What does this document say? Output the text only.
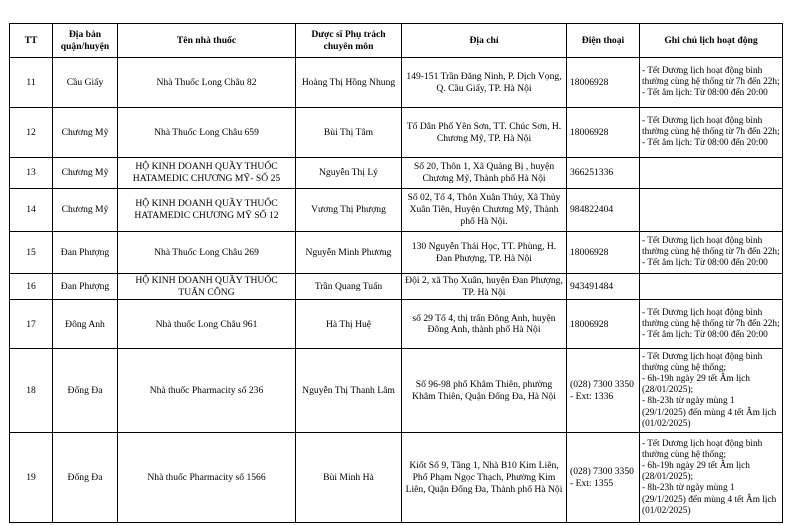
TT	Địa bàn quận/huyện	Tên nhà thuốc	Dược sĩ Phụ trách chuyên môn	Địa chỉ	Điện thoại	Ghi chú lịch hoạt động
11	Cầu Giấy	Nhà Thuốc Long Châu 82	Hoàng Thị Hồng Nhung	149-151 Trần Đăng Ninh, P. Dịch Vọng, Q. Cầu Giấy, TP. Hà Nội	18006928	- Tết Dương lịch hoạt động bình thường cùng hệ thống từ 7h đến 22h;
- Tết âm lịch: Từ 08:00 đến 20:00

12	Chương Mỹ	Nhà Thuốc Long Châu 659	Bùi Thị Tâm	Tổ Dân Phố Yên Sơn, TT. Chúc Sơn, H. Chương Mỹ, TP. Hà Nội	18006928	- Tết Dương lịch hoạt động bình thường cùng hệ thống từ 7h đến 22h;
- Tết âm lịch: Từ 08:00 đến 20:00

13	Chương Mỹ	HỘ KINH DOANH QUẦY THUỐC HATAMEDIC CHƯƠNG MỸ- SỐ 25	Nguyễn Thị Lý	Số 20, Thôn 1, Xã Quảng Bị , huyện Chương Mỹ, Thành phố Hà Nội	366251336	
14	Chương Mỹ	HỘ KINH DOANH QUẦY THUỐC HATAMEDIC CHƯƠNG MỸ SỐ 12	Vương Thị Phượng	Số 02, Tổ 4, Thôn Xuân Thủy, Xã Thủy Xuân Tiên, Huyện Chương Mỹ, Thành phố Hà Nội.	984822404	
15	Đan Phượng	Nhà Thuốc Long Châu 269	Nguyễn Minh Phương	130 Nguyễn Thái Học, TT. Phùng, H. Đan Phượng, TP. Hà Nội	18006928	- Tết Dương lịch hoạt động bình thường cùng hệ thống từ 7h đến 22h;
- Tết âm lịch: Từ 08:00 đến 20:00

16	Đan Phượng	HỘ KINH DOANH QUẦY THUỐC TUẤN CÔNG	Trần Quang Tuấn	Đội 2, xã Thọ Xuân, huyện Đan Phượng, TP. Hà Nội	943491484	
17	Đông Anh	Nhà thuốc Long Châu 961	Hà Thị Huệ	số 29 Tổ 4, thị trấn Đông Anh, huyện Đông Anh, thành phố Hà Nội	18006928	- Tết Dương lịch hoạt động bình thường cùng hệ thống từ 7h đến 22h;
- Tết âm lịch: Từ 08:00 đến 20:00

18	Đống Đa	Nhà thuốc Pharmacity số 236	Nguyễn Thị Thanh Lâm	Số 96-98 phố Khâm Thiên, phường Khâm Thiên, Quận Đống Đa, Hà Nội	(028) 7300 3350 - Ext: 1336	- Tết Dương lịch hoạt động bình thường cùng hệ thống;
- 6h-19h ngày 29 tết Âm lịch (28/01/2025);
- 8h-23h từ ngày mùng 1 (29/1/2025) đến mùng 4 tết Âm lịch (01/02/2025)

19	Đống Đa	Nhà thuốc Pharmacity số 1566	Bùi Minh Hà	Kiốt Số 9, Tầng 1, Nhà B10 Kim Liên, Phố Phạm Ngọc Thạch, Phường Kim Liên, Quận Đống Đa, Thành phố Hà Nội	(028) 7300 3350 - Ext: 1355	- Tết Dương lịch hoạt động bình thường cùng hệ thống;
- 6h-19h ngày 29 tết Âm lịch (28/01/2025);
- 8h-23h từ ngày mùng 1 (29/1/2025) đến mùng 4 tết Âm lịch (01/02/2025)
